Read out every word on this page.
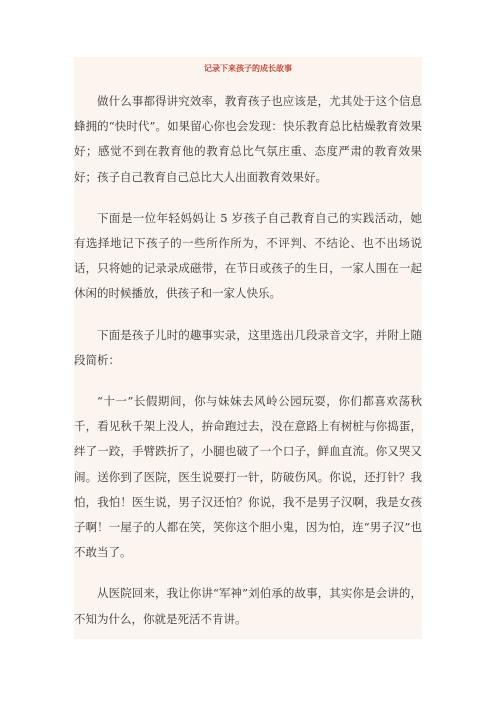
记录下来孩子的成长故事

做什么事都得讲究效率，教育孩子也应该是，尤其处于这个信息蜂拥的“快时代”。如果留心你也会发现：快乐教育总比枯燥教育效果好；感觉不到在教育他的教育总比气氛庄重、态度严肃的教育效果好；孩子自己教育自己总比大人出面教育效果好。

下面是一位年轻妈妈让 5 岁孩子自己教育自己的实践活动，她有选择地记下孩子的一些所作所为，不评判、不结论、也不出场说话，只将她的记录录成磁带，在节日或孩子的生日，一家人围在一起休闲的时候播放，供孩子和一家人快乐。

下面是孩子儿时的趣事实录，这里选出几段录音文字，并附上随段简析：

“十一”长假期间，你与妹妹去风岭公园玩耍，你们都喜欢荡秋千，看见秋千架上没人，拚命跑过去，没在意路上有树桩与你捣蛋，绊了一跤，手臂跌折了，小腿也破了一个口子，鲜血直流。你又哭又闹。送你到了医院，医生说要打一针，防破伤风。你说，还打针？我怕，我怕！医生说，男子汉还怕？你说，我不是男子汉啊，我是女孩子啊！一屋子的人都在笑，笑你这个胆小鬼，因为怕，连“男子汉”也不敢当了。

从医院回来，我让你讲“军神”刘伯承的故事，其实你是会讲的，不知为什么，你就是死活不肯讲。
